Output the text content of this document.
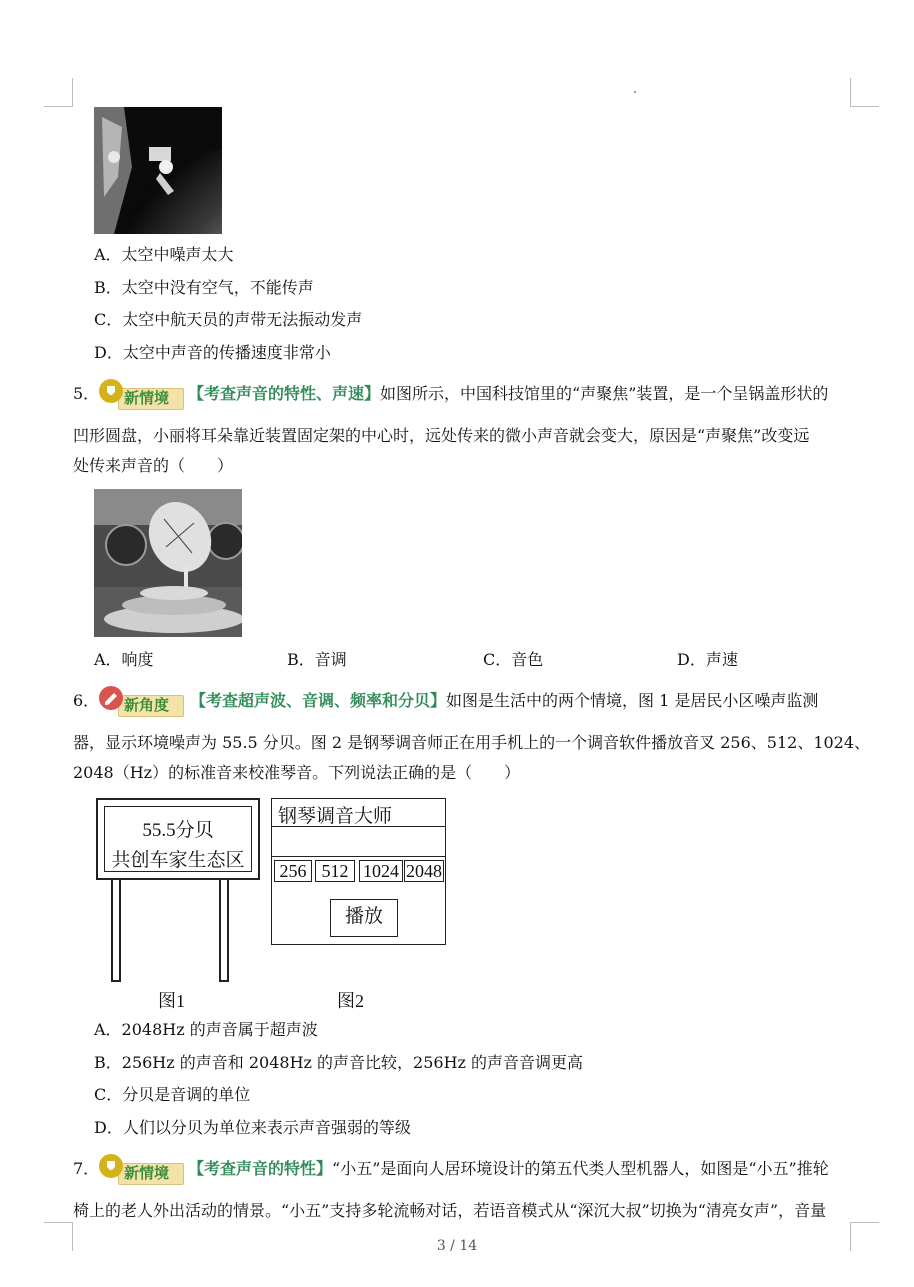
A．太空中噪声太大
B．太空中没有空气，不能传声
C．太空中航天员的声带无法振动发声
D．太空中声音的传播速度非常小
5． 新情境 【考查声音的特性、声速】如图所示，中国科技馆里的“声聚焦”装置，是一个呈锅盖形状的
凹形圆盘，小丽将耳朵靠近装置固定架的中心时，远处传来的微小声音就会变大，原因是“声聚焦”改变远
处传来声音的（　　）
A．响度	B．音调	C．音色	D．声速
6． 新角度 【考查超声波、音调、频率和分贝】如图是生活中的两个情境，图 1 是居民小区噪声监测
器，显示环境噪声为 55.5 分贝。图 2 是钢琴调音师正在用手机上的一个调音软件播放音叉 256、512、1024、
2048（Hz）的标准音来校准琴音。下列说法正确的是（　　）
55.5分贝
共创车家生态区
图1
钢琴调音大师
256 512 1024 2048
播放
图2
A．2048Hz 的声音属于超声波
B．256Hz 的声音和 2048Hz 的声音比较，256Hz 的声音音调更高
C．分贝是音调的单位
D．人们以分贝为单位来表示声音强弱的等级
7． 新情境 【考查声音的特性】“小五”是面向人居环境设计的第五代类人型机器人，如图是“小五”推轮
椅上的老人外出活动的情景。“小五”支持多轮流畅对话，若语音模式从“深沉大叔”切换为“清亮女声”，音量
3 / 14
